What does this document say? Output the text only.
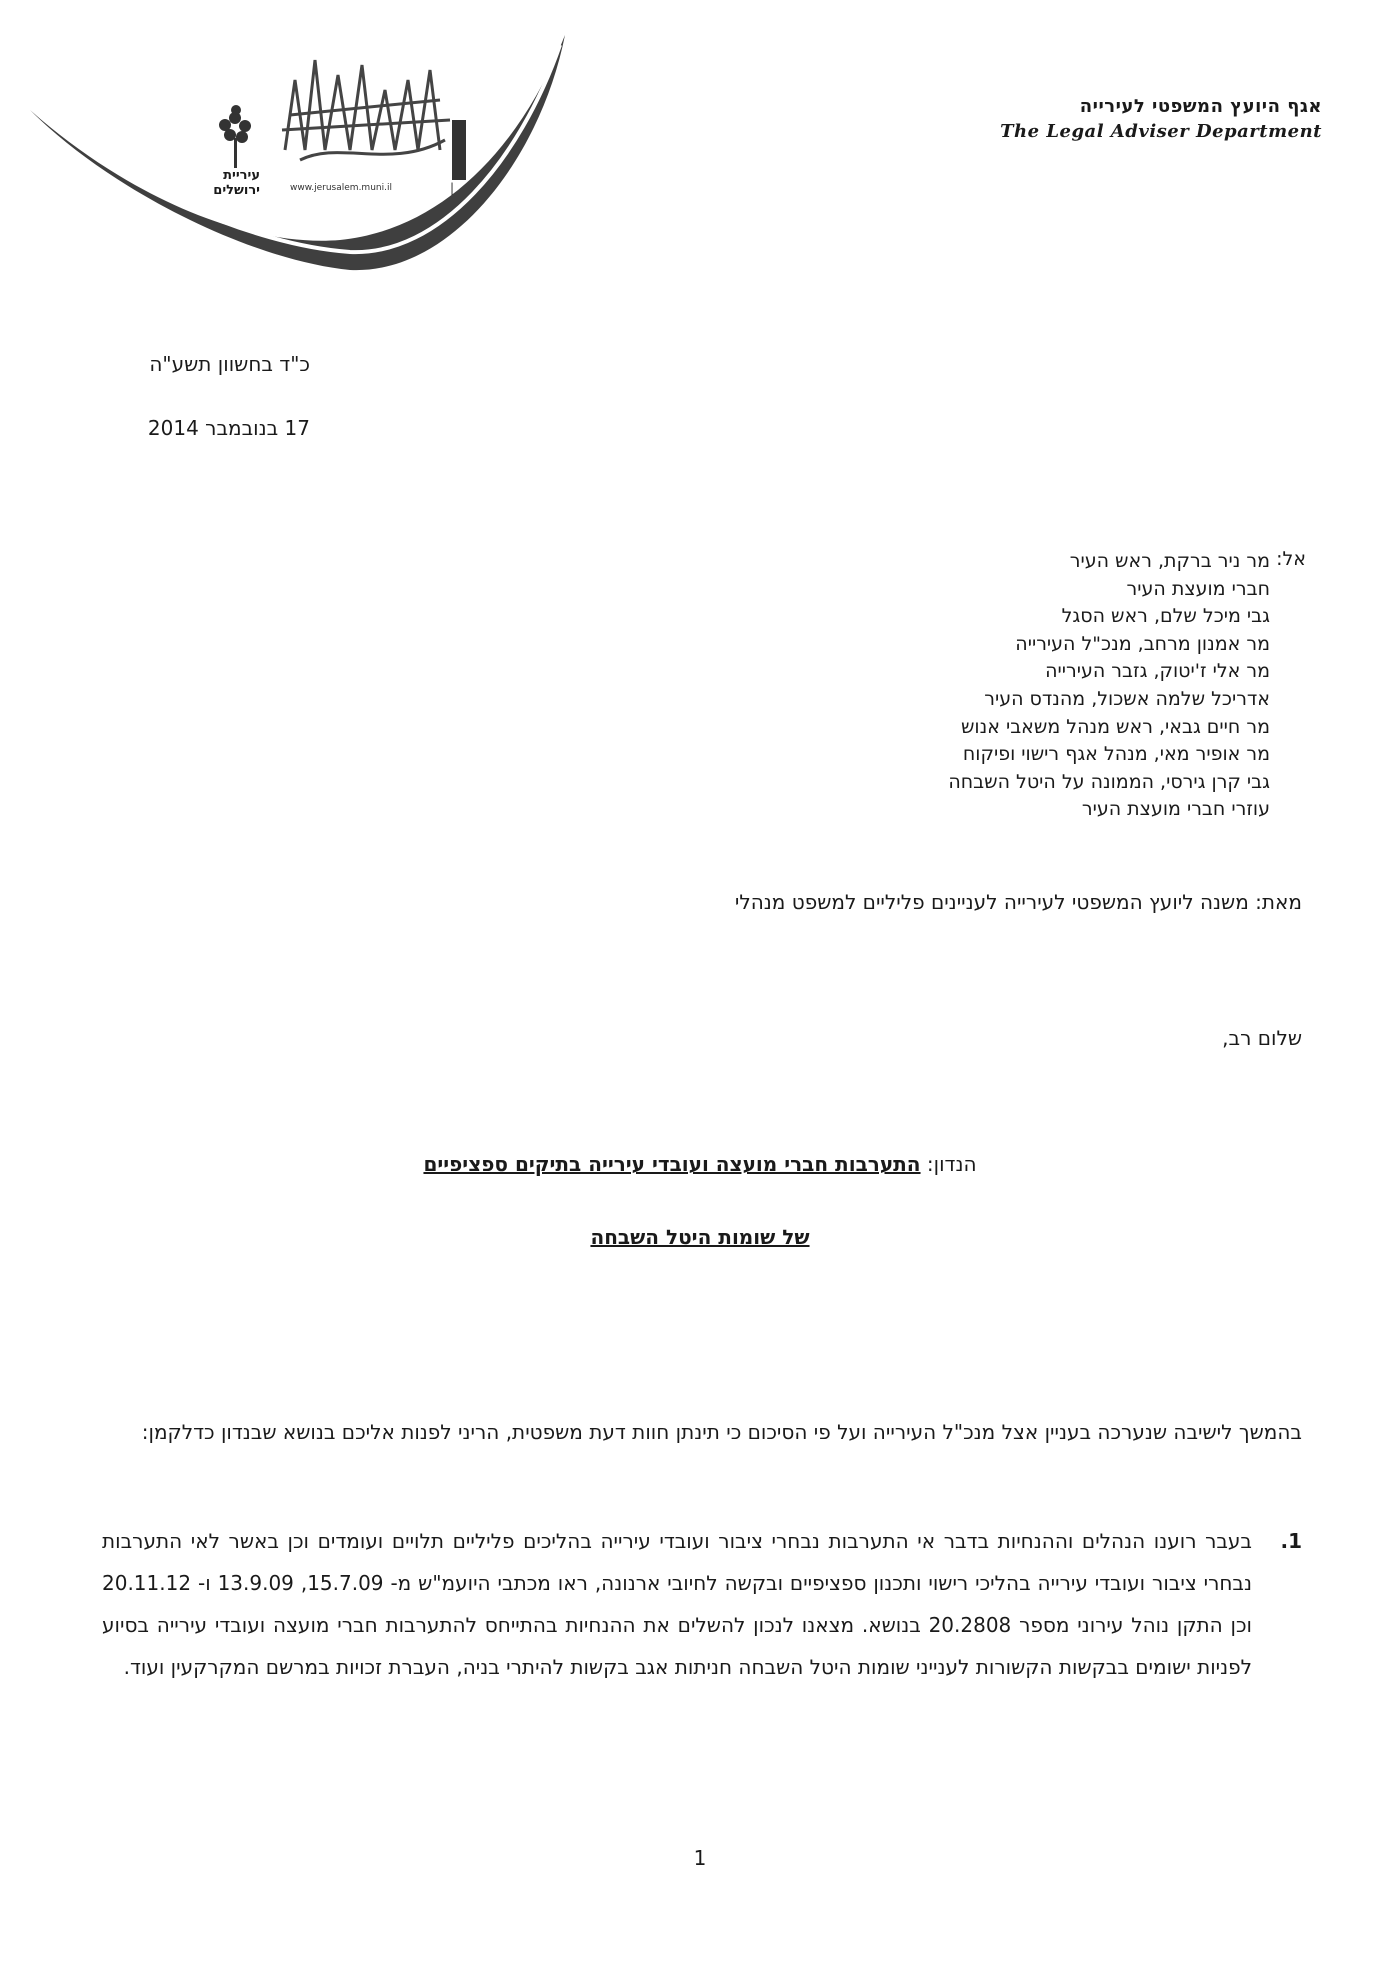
www.jerusalem.muni.il	|
עיריית
ירושלים
אגף היועץ המשפטי לעירייה
The Legal Adviser Department
כ"ד בחשוון תשע"ה
17 בנובמבר 2014
אל:
מר ניר ברקת, ראש העיר
חברי מועצת העיר
גבי מיכל שלם, ראש הסגל
מר אמנון מרחב, מנכ"ל העירייה
מר אלי ז'יטוק, גזבר העירייה
אדריכל שלמה אשכול, מהנדס העיר
מר חיים גבאי, ראש מנהל משאבי אנוש
מר אופיר מאי, מנהל אגף רישוי ופיקוח
גבי קרן גירסי, הממונה על היטל השבחה
עוזרי חברי מועצת העיר
מאת: משנה ליועץ המשפטי לעירייה לעניינים פליליים למשפט מנהלי
שלום רב,
הנדון: התערבות חברי מועצה ועובדי עירייה בתיקים ספציפיים
של שומות היטל השבחה
בהמשך לישיבה שנערכה בעניין אצל מנכ"ל העירייה ועל פי הסיכום כי תינתן חוות דעת משפטית, הריני לפנות אליכם בנושא שבנדון כדלקמן:
1.
בעבר רוענו הנהלים וההנחיות בדבר אי התערבות נבחרי ציבור ועובדי עירייה בהליכים פליליים תלויים ועומדים וכן באשר לאי התערבות נבחרי ציבור ועובדי עירייה בהליכי רישוי ותכנון ספציפיים ובקשה לחיובי ארנונה, ראו מכתבי היועמ"ש מ- 15.7.09, 13.9.09 ו- 20.11.12 וכן התקן נוהל עירוני מספר 20.2808 בנושא. מצאנו לנכון להשלים את ההנחיות בהתייחס להתערבות חברי מועצה ועובדי עירייה בסיוע לפניות ישומים בבקשות הקשורות לענייני שומות היטל השבחה חניתות אגב בקשות להיתרי בניה, העברת זכויות במרשם המקרקעין ועוד.
1
